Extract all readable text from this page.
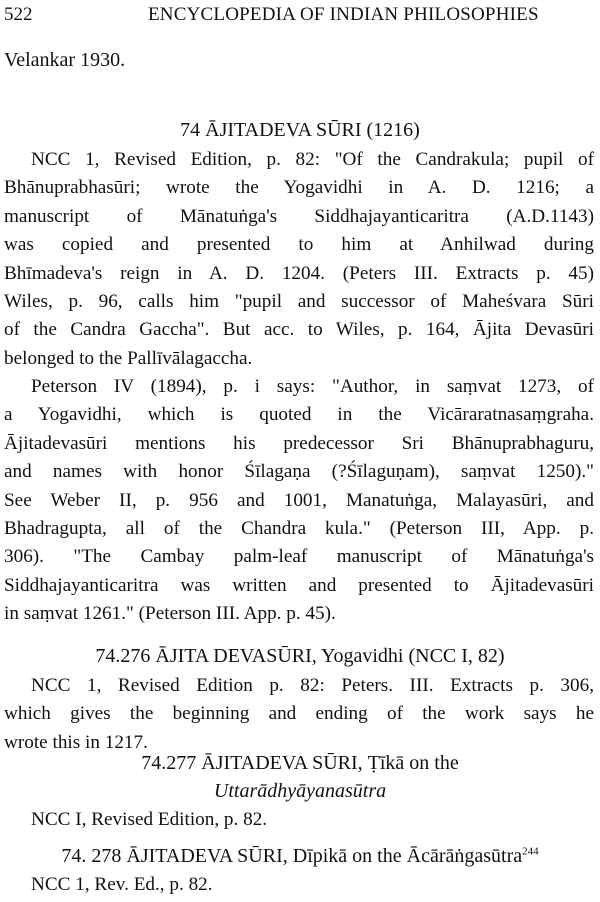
522	ENCYCLOPEDIA OF INDIAN PHILOSOPHIES
Velankar 1930.
74 ĀJITADEVA SŪRI (1216)
NCC 1, Revised Edition, p. 82: "Of the Candrakula; pupil of
Bhānuprabhasūri; wrote the Yogavidhi in A. D. 1216; a
manuscript of Mānatuṅga's Siddhajayanticaritra (A.D.1143)
was copied and presented to him at Anhilwad during
Bhīmadeva's reign in A. D. 1204. (Peters III. Extracts p. 45)
Wiles, p. 96, calls him "pupil and successor of Maheśvara Sūri
of the Candra Gaccha". But acc. to Wiles, p. 164, Ājita Devasūri
belonged to the Pallīvālagaccha.
Peterson IV (1894), p. i says: "Author, in saṃvat 1273, of
a Yogavidhi, which is quoted in the Vicāraratnasaṃgraha.
Ājitadevasūri mentions his predecessor Sri Bhānuprabhaguru,
and names with honor Śīlagaṇa (?Śīlaguṇam), saṃvat 1250)."
See Weber II, p. 956 and 1001, Manatuṅga, Malayasūri, and
Bhadragupta, all of the Chandra kula." (Peterson III, App. p.
306). "The Cambay palm-leaf manuscript of Mānatuṅga's
Siddhajayanticaritra was written and presented to Ājitadevasūri
in saṃvat 1261." (Peterson III. App. p. 45).
74.276 ĀJITA DEVASŪRI, Yogavidhi (NCC I, 82)
NCC 1, Revised Edition p. 82: Peters. III. Extracts p. 306,
which gives the beginning and ending of the work says he
wrote this in 1217.
74.277 ĀJITADEVA SŪRI, Ṭīkā on the
Uttarādhyāyanasūtra
NCC I, Revised Edition, p. 82.
74. 278 ĀJITADEVA SŪRI, Dīpikā on the Ācārāṅgasūtra$^{244}$
NCC 1, Rev. Ed., p. 82.
